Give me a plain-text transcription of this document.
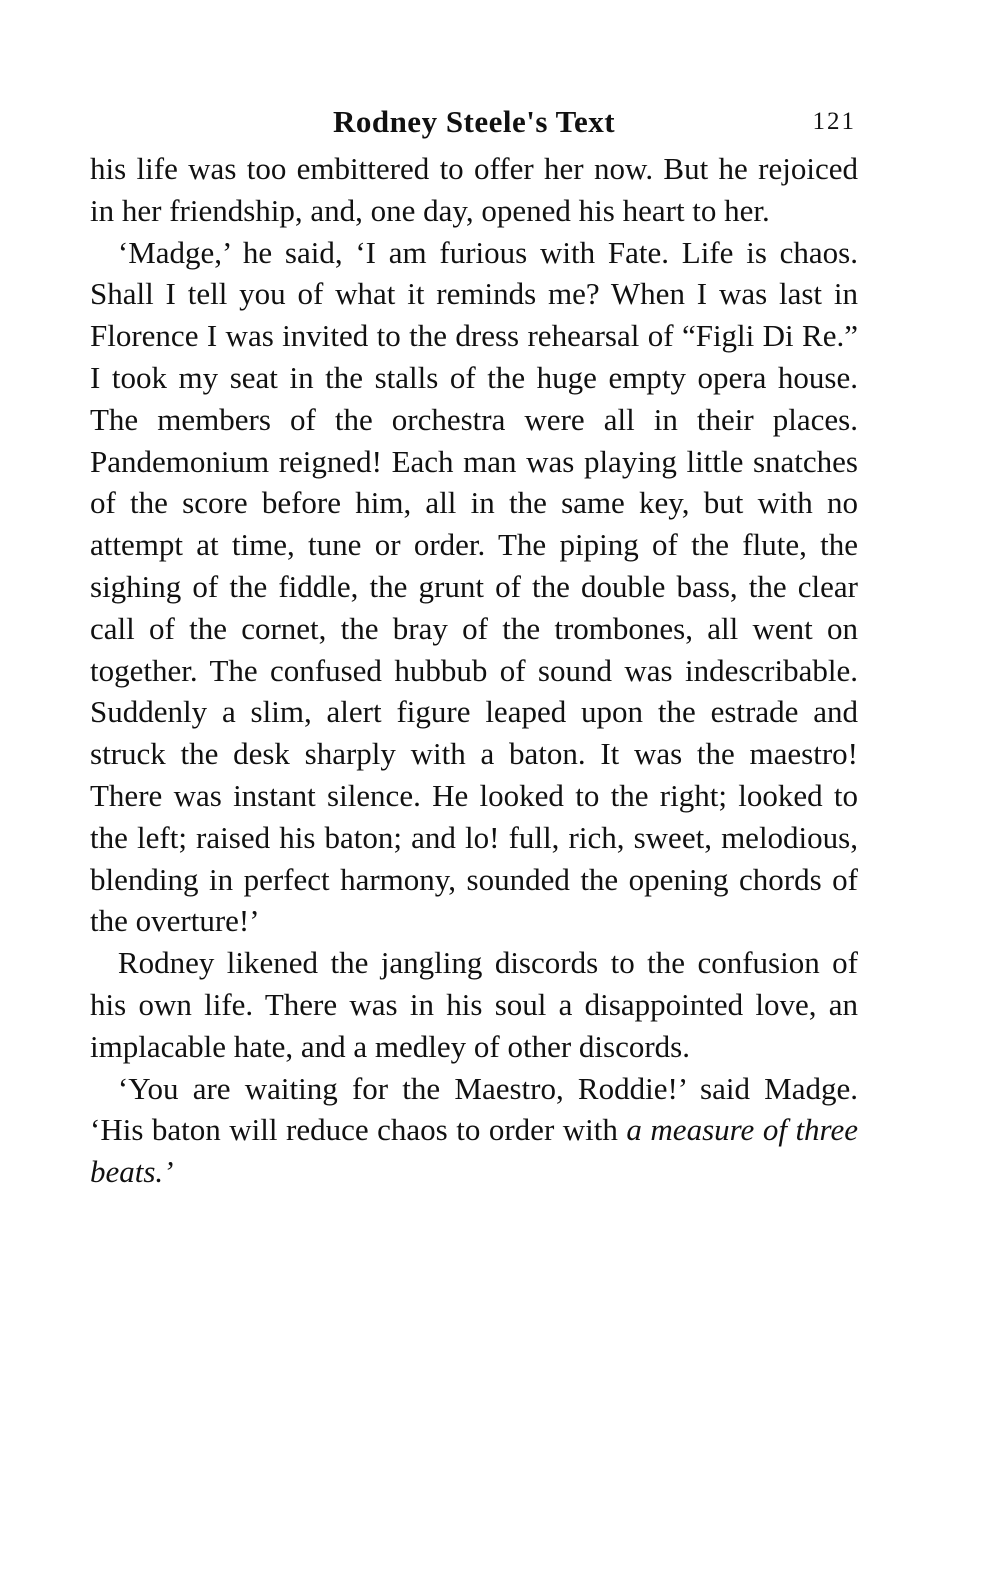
Rodney Steele's Text	121

his life was too embittered to offer her now. But he rejoiced in her friendship, and, one day, opened his heart to her.

‘Madge,’ he said, ‘I am furious with Fate. Life is chaos. Shall I tell you of what it reminds me? When I was last in Florence I was invited to the dress rehearsal of “Figli Di Re.” I took my seat in the stalls of the huge empty opera house. The members of the orchestra were all in their places. Pandemonium reigned! Each man was playing little snatches of the score before him, all in the same key, but with no attempt at time, tune or order. The piping of the flute, the sighing of the fiddle, the grunt of the double bass, the clear call of the cornet, the bray of the trombones, all went on together. The confused hubbub of sound was indescribable. Suddenly a slim, alert figure leaped upon the estrade and struck the desk sharply with a baton. It was the maestro! There was instant silence. He looked to the right; looked to the left; raised his baton; and lo! full, rich, sweet, melodious, blending in perfect harmony, sounded the opening chords of the overture!’

Rodney likened the jangling discords to the confusion of his own life. There was in his soul a disappointed love, an implacable hate, and a medley of other discords.

‘You are waiting for the Maestro, Roddie!’ said Madge. ‘His baton will reduce chaos to order with a measure of three beats.’
